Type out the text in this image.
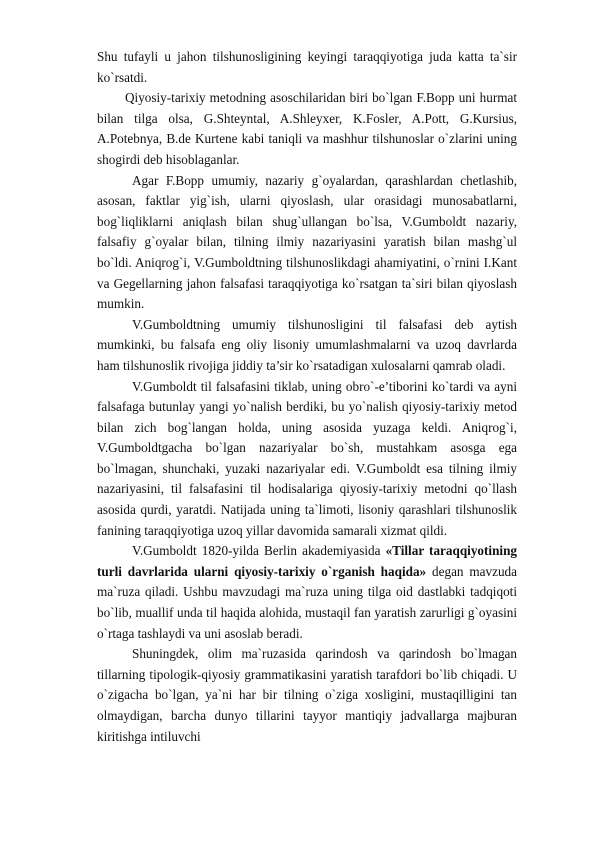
Shu tufayli u jahon tilshunosligining keyingi taraqqiyotiga juda katta ta`sir ko`rsatdi.

Qiyosiy-tarixiy metodning asoschilaridan biri bo`lgan F.Bopp uni hurmat bilan tilga olsa, G.Shteyntal, A.Shleyxer, K.Fosler, A.Pott, G.Kursius, A.Potebnya, B.de Kurtene kabi taniqli va mashhur tilshunoslar o`zlarini uning shogirdi deb hisoblaganlar.

Agar F.Bopp umumiy, nazariy g`oyalardan, qarashlardan chetlashib, asosan, faktlar yig`ish, ularni qiyoslash, ular orasidagi munosabatlarni, bog`liqliklarni aniqlash bilan shug`ullangan bo`lsa, V.Gumboldt nazariy, falsafiy g`oyalar bilan, tilning ilmiy nazariyasini yaratish bilan mashg`ul bo`ldi. Aniqrog`i, V.Gumboldtning tilshunoslikdagi ahamiyatini, o`rnini I.Kant va Gegellarning jahon falsafasi taraqqiyotiga ko`rsatgan ta`siri bilan qiyoslash mumkin.

V.Gumboldtning umumiy tilshunosligini til falsafasi deb aytish mumkinki, bu falsafa eng oliy lisoniy umumlashmalarni va uzoq davrlarda ham tilshunoslik rivojiga jiddiy ta’sir ko`rsatadigan xulosalarni qamrab oladi.

V.Gumboldt til falsafasini tiklab, uning obro`-e’tiborini ko`tardi va ayni falsafaga butunlay yangi yo`nalish berdiki, bu yo`nalish qiyosiy-tarixiy metod bilan zich bog`langan holda, uning asosida yuzaga keldi. Aniqrog`i, V.Gumboldtgacha bo`lgan nazariyalar bo`sh, mustahkam asosga ega bo`lmagan, shunchaki, yuzaki nazariyalar edi. V.Gumboldt esa tilning ilmiy nazariyasini, til falsafasini til hodisalariga qiyosiy-tarixiy metodni qo`llash asosida qurdi, yaratdi. Natijada uning ta`limoti, lisoniy qarashlari tilshunoslik fanining taraqqiyotiga uzoq yillar davomida samarali xizmat qildi.

V.Gumboldt 1820-yilda Berlin akademiyasida «Tillar taraqqiyotining turli davrlarida ularni qiyosiy-tarixiy o`rganish haqida» degan mavzuda ma`ruza qiladi. Ushbu mavzudagi ma`ruza uning tilga oid dastlabki tadqiqoti bo`lib, muallif unda til haqida alohida, mustaqil fan yaratish zarurligi g`oyasini o`rtaga tashlaydi va uni asoslab beradi.

Shuningdek, olim ma`ruzasida qarindosh va qarindosh bo`lmagan tillarning tipologik-qiyosiy grammatikasini yaratish tarafdori bo`lib chiqadi. U o`zigacha bo`lgan, ya`ni har bir tilning o`ziga xosligini, mustaqilligini tan olmaydigan, barcha dunyo tillarini tayyor mantiqiy jadvallarga majburan kiritishga intiluvchi
